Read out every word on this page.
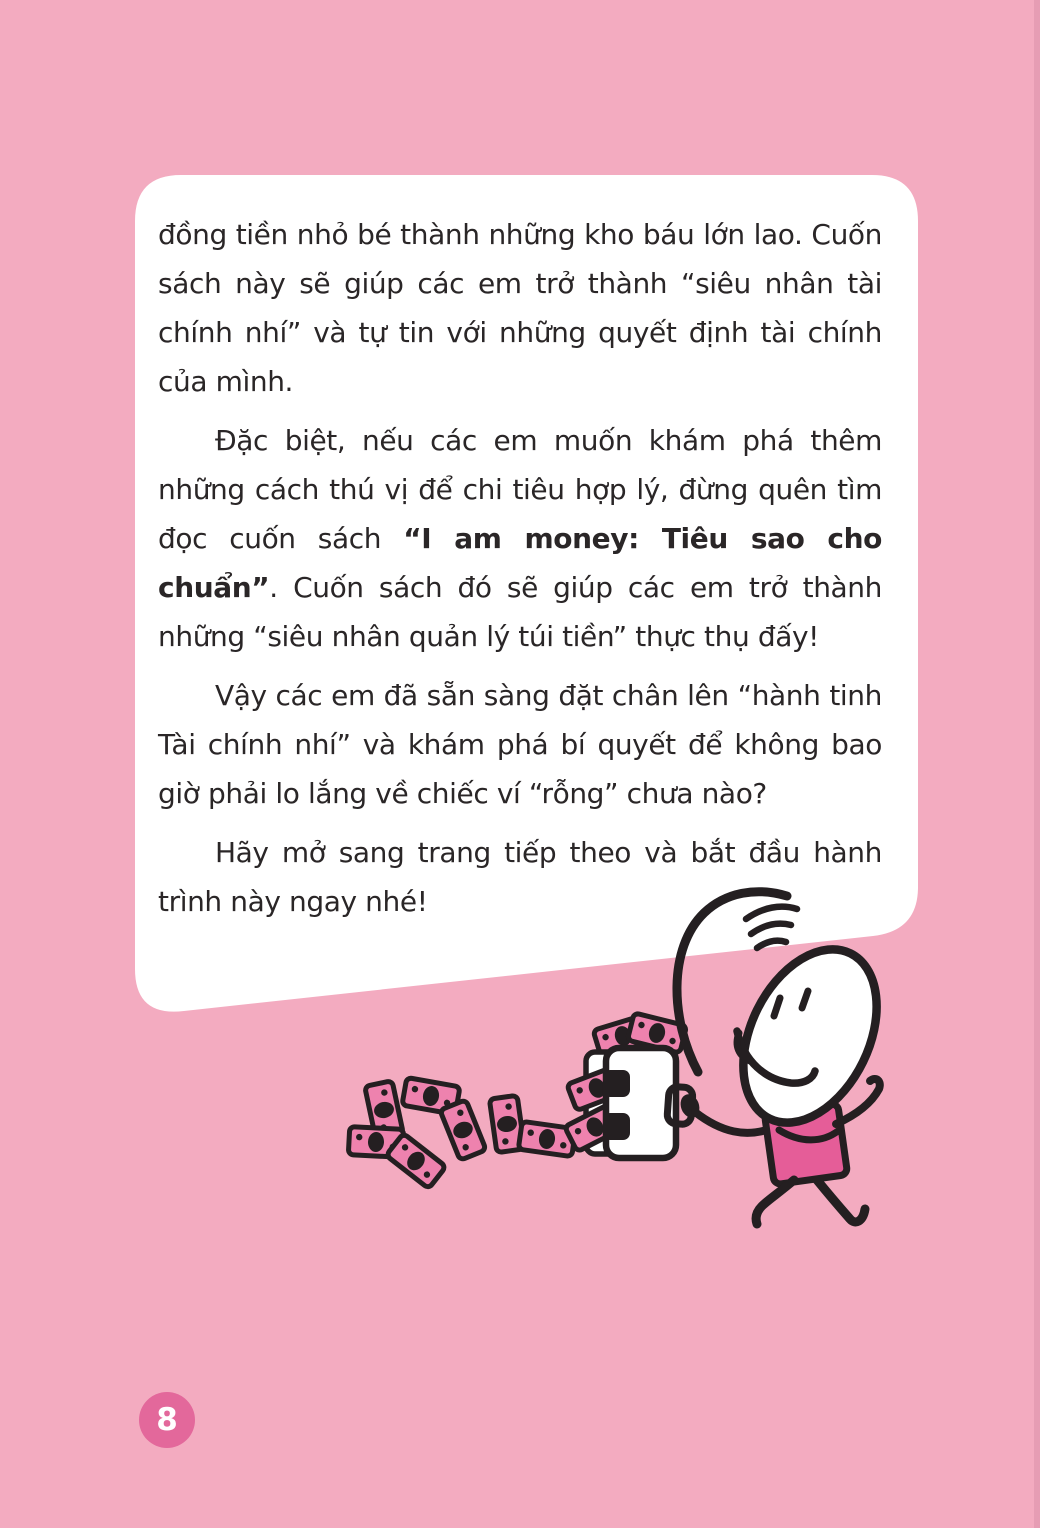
đồng tiền nhỏ bé thành những kho báu lớn lao. Cuốn sách này sẽ giúp các em trở thành “siêu nhân tài chính nhí” và tự tin với những quyết định tài chính của mình.

Đặc biệt, nếu các em muốn khám phá thêm những cách thú vị để chi tiêu hợp lý, đừng quên tìm đọc cuốn sách “I am money: Tiêu sao cho chuẩn”. Cuốn sách đó sẽ giúp các em trở thành những “siêu nhân quản lý túi tiền” thực thụ đấy!

Vậy các em đã sẵn sàng đặt chân lên “hành tinh Tài chính nhí” và khám phá bí quyết để không bao giờ phải lo lắng về chiếc ví “rỗng” chưa nào?

Hãy mở sang trang tiếp theo và bắt đầu hành trình này ngay nhé!

8
